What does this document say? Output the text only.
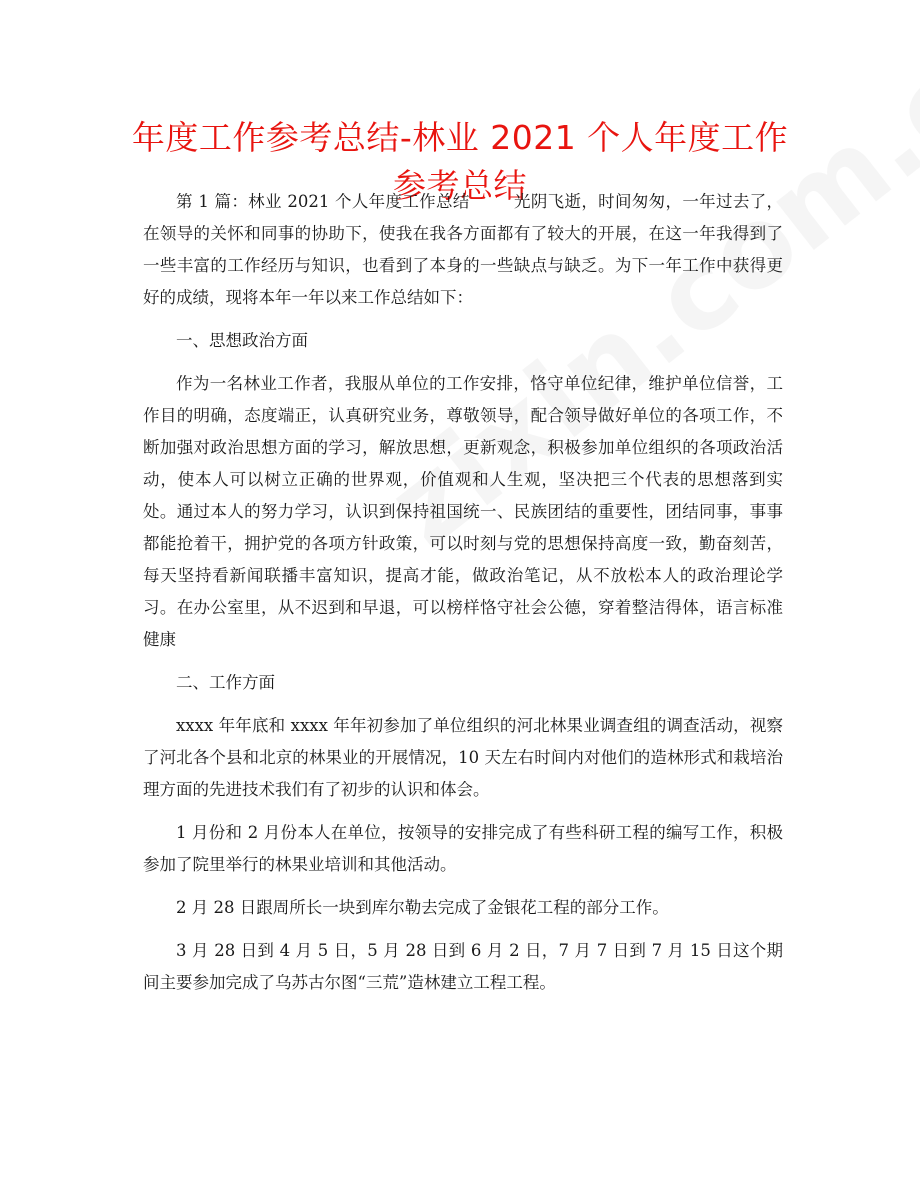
年度工作参考总结-林业 2021 个人年度工作参考总结

第 1 篇：林业 2021 个人年度工作总结	光阴飞逝，时间匆匆，一年过去了，在领导的关怀和同事的协助下，使我在我各方面都有了较大的开展，在这一年我得到了一些丰富的工作经历与知识，也看到了本身的一些缺点与缺乏。为下一年工作中获得更好的成绩，现将本年一年以来工作总结如下：

一、思想政治方面

作为一名林业工作者，我服从单位的工作安排，恪守单位纪律，维护单位信誉，工作目的明确，态度端正，认真研究业务，尊敬领导，配合领导做好单位的各项工作，不断加强对政治思想方面的学习，解放思想，更新观念，积极参加单位组织的各项政治活动，使本人可以树立正确的世界观，价值观和人生观，坚决把三个代表的思想落到实处。通过本人的努力学习，认识到保持祖国统一、民族团结的重要性，团结同事，事事都能抢着干，拥护党的各项方针政策，可以时刻与党的思想保持高度一致，勤奋刻苦，每天坚持看新闻联播丰富知识，提高才能，做政治笔记，从不放松本人的政治理论学习。在办公室里，从不迟到和早退，可以榜样恪守社会公德，穿着整洁得体，语言标准健康

二、工作方面

xxxx 年年底和 xxxx 年年初参加了单位组织的河北林果业调查组的调查活动，视察了河北各个县和北京的林果业的开展情况，10 天左右时间内对他们的造林形式和栽培治理方面的先进技术我们有了初步的认识和体会。

1 月份和 2 月份本人在单位，按领导的安排完成了有些科研工程的编写工作，积极参加了院里举行的林果业培训和其他活动。

2 月 28 日跟周所长一块到库尔勒去完成了金银花工程的部分工作。

3 月 28 日到 4 月 5 日，5 月 28 日到 6 月 2 日，7 月 7 日到 7 月 15 日这个期间主要参加完成了乌苏古尔图“三荒”造林建立工程工程。
